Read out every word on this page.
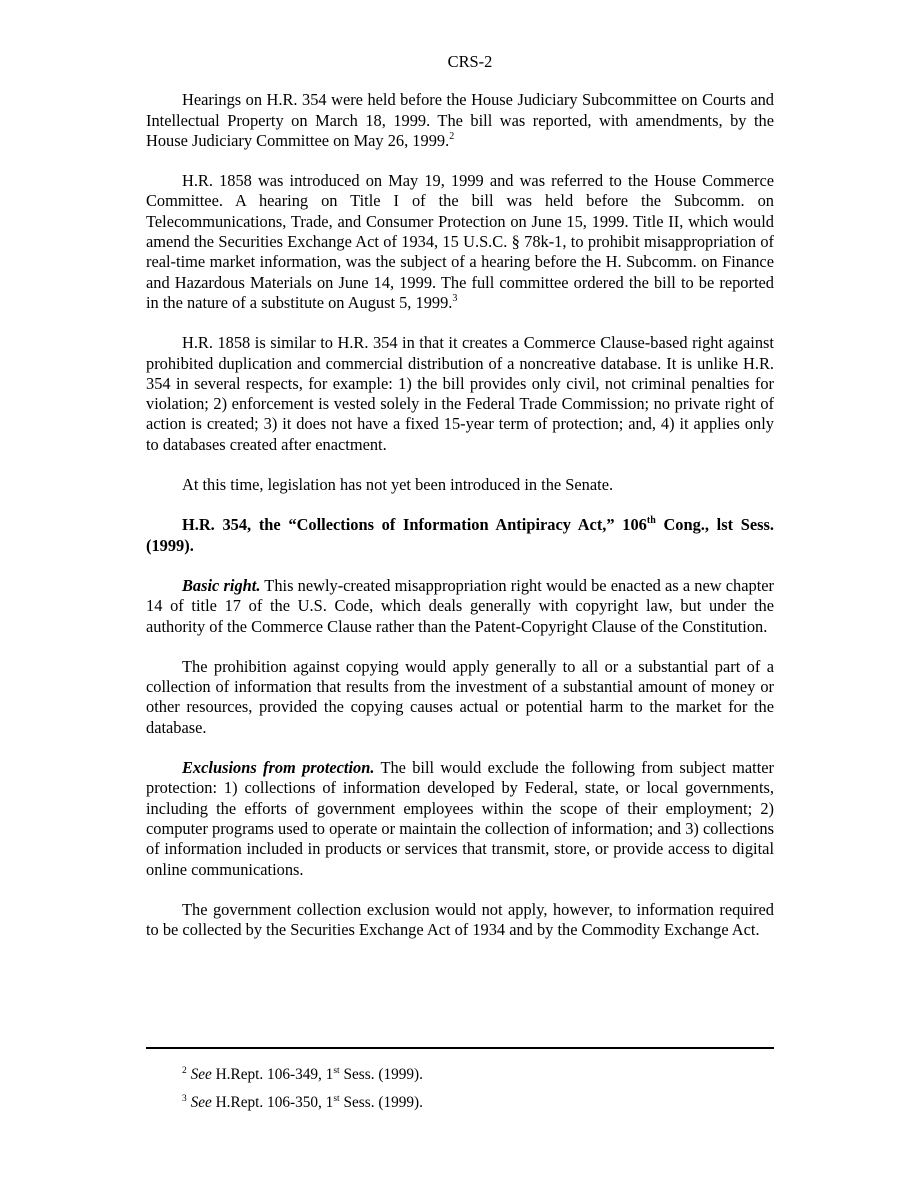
CRS-2

Hearings on H.R. 354 were held before the House Judiciary Subcommittee on Courts and Intellectual Property on March 18, 1999. The bill was reported, with amendments, by the House Judiciary Committee on May 26, 1999.$^2$

H.R. 1858 was introduced on May 19, 1999 and was referred to the House Commerce Committee. A hearing on Title I of the bill was held before the Subcomm. on Telecommunications, Trade, and Consumer Protection on June 15, 1999. Title II, which would amend the Securities Exchange Act of 1934, 15 U.S.C. § 78k-1, to prohibit misappropriation of real-time market information, was the subject of a hearing before the H. Subcomm. on Finance and Hazardous Materials on June 14, 1999. The full committee ordered the bill to be reported in the nature of a substitute on August 5, 1999.$^3$

H.R. 1858 is similar to H.R. 354 in that it creates a Commerce Clause-based right against prohibited duplication and commercial distribution of a noncreative database. It is unlike H.R. 354 in several respects, for example: 1) the bill provides only civil, not criminal penalties for violation; 2) enforcement is vested solely in the Federal Trade Commission; no private right of action is created; 3) it does not have a fixed 15-year term of protection; and, 4) it applies only to databases created after enactment.

At this time, legislation has not yet been introduced in the Senate.

H.R. 354, the “Collections of Information Antipiracy Act,” 106th Cong., lst Sess. (1999).

Basic right. This newly-created misappropriation right would be enacted as a new chapter 14 of title 17 of the U.S. Code, which deals generally with copyright law, but under the authority of the Commerce Clause rather than the Patent-Copyright Clause of the Constitution.

The prohibition against copying would apply generally to all or a substantial part of a collection of information that results from the investment of a substantial amount of money or other resources, provided the copying causes actual or potential harm to the market for the database.

Exclusions from protection. The bill would exclude the following from subject matter protection: 1) collections of information developed by Federal, state, or local governments, including the efforts of government employees within the scope of their employment; 2) computer programs used to operate or maintain the collection of information; and 3) collections of information included in products or services that transmit, store, or provide access to digital online communications.

The government collection exclusion would not apply, however, to information required to be collected by the Securities Exchange Act of 1934 and by the Commodity Exchange Act.

$^2$ See H.Rept. 106-349, 1st Sess. (1999).
$^3$ See H.Rept. 106-350, 1st Sess. (1999).
